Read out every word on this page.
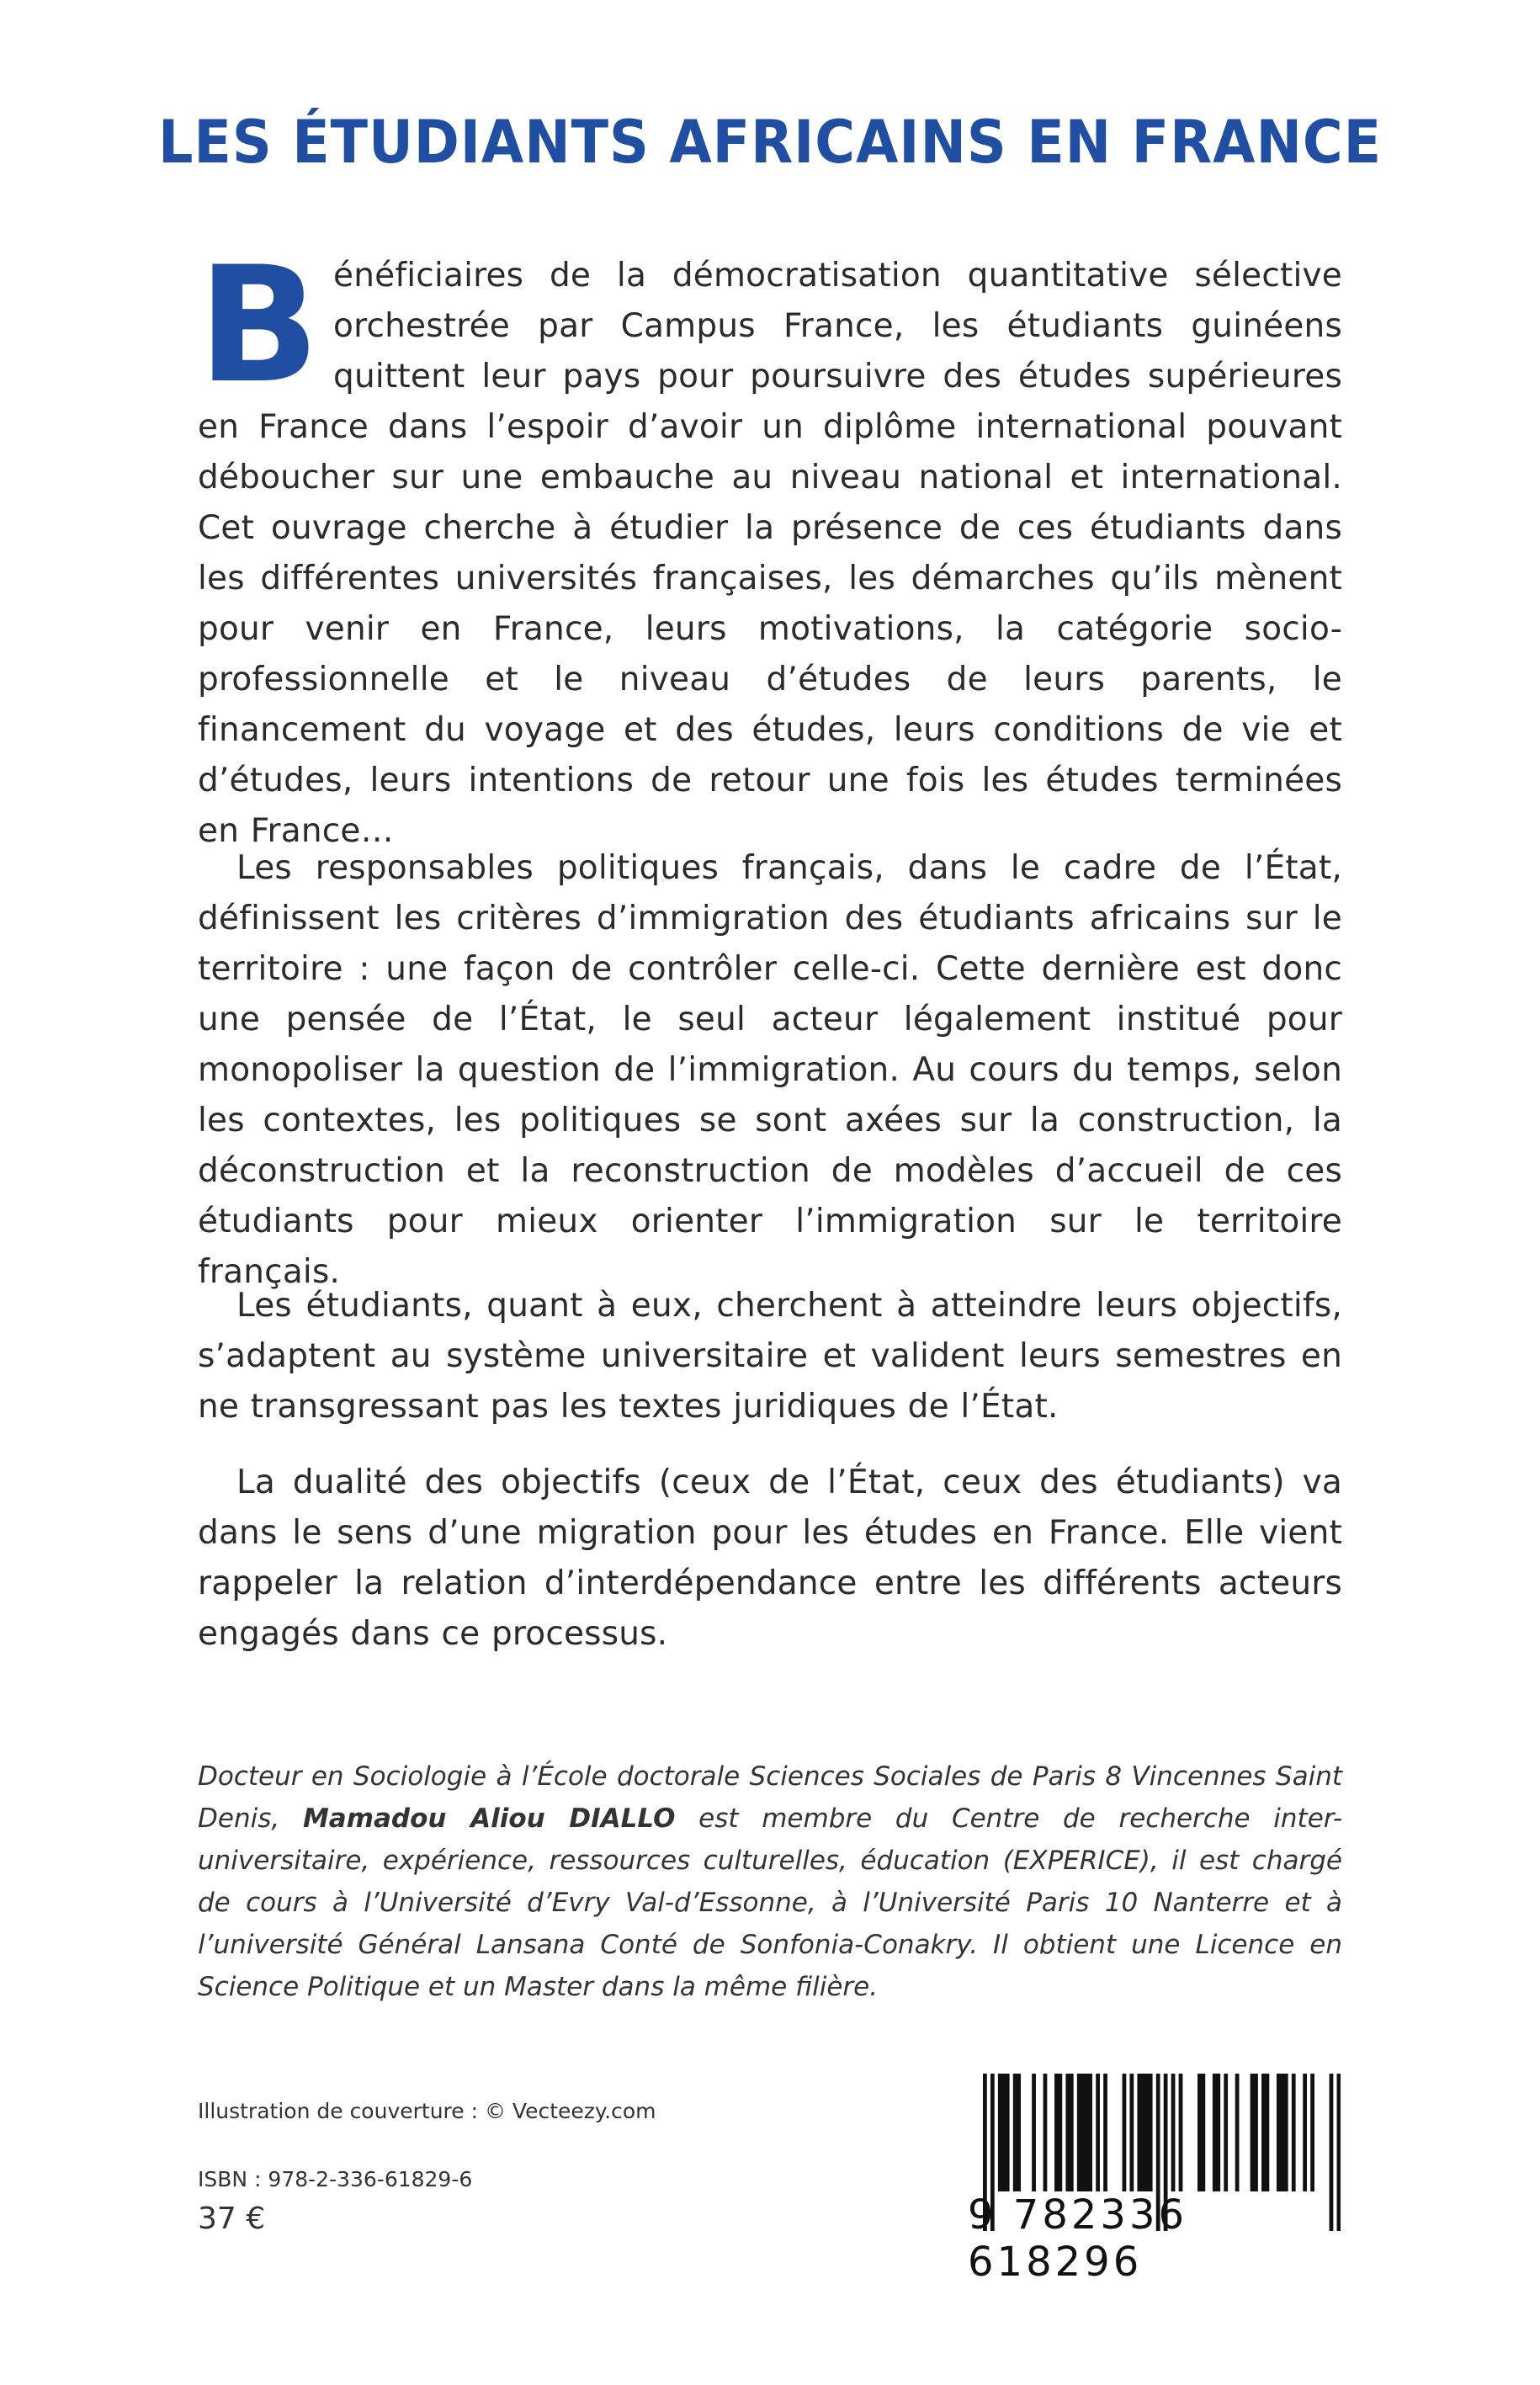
LES ÉTUDIANTS AFRICAINS EN FRANCE

Bénéficiaires de la démocratisation quantitative sélective orchestrée par Campus France, les étudiants guinéens quittent leur pays pour poursuivre des études supérieures en France dans l’espoir d’avoir un diplôme international pouvant déboucher sur une embauche au niveau national et international. Cet ouvrage cherche à étudier la présence de ces étudiants dans les différentes universités françaises, les démarches qu’ils mènent pour venir en France, leurs motivations, la catégorie socio-professionnelle et le niveau d’études de leurs parents, le financement du voyage et des études, leurs conditions de vie et d’études, leurs intentions de retour une fois les études terminées en France…

Les responsables politiques français, dans le cadre de l’État, définissent les critères d’immigration des étudiants africains sur le territoire : une façon de contrôler celle-ci. Cette dernière est donc une pensée de l’État, le seul acteur légalement institué pour monopoliser la question de l’immigration. Au cours du temps, selon les contextes, les politiques se sont axées sur la construction, la déconstruction et la reconstruction de modèles d’accueil de ces étudiants pour mieux orienter l’immigration sur le territoire français.

Les étudiants, quant à eux, cherchent à atteindre leurs objectifs, s’adaptent au système universitaire et valident leurs semestres en ne transgressant pas les textes juridiques de l’État.

La dualité des objectifs (ceux de l’État, ceux des étudiants) va dans le sens d’une migration pour les études en France. Elle vient rappeler la relation d’interdépendance entre les différents acteurs engagés dans ce processus.

Docteur en Sociologie à l’École doctorale Sciences Sociales de Paris 8 Vincennes Saint Denis, Mamadou Aliou DIALLO est membre du Centre de recherche inter-universitaire, expérience, ressources culturelles, éducation (EXPERICE), il est chargé de cours à l’Université d’Evry Val-d’Essonne, à l’Université Paris 10 Nanterre et à l’université Général Lansana Conté de Sonfonia-Conakry. Il obtient une Licence en Science Politique et un Master dans la même filière.

Illustration de couverture : © Vecteezy.com

ISBN : 978-2-336-61829-6

37 €	9 782336 618296
